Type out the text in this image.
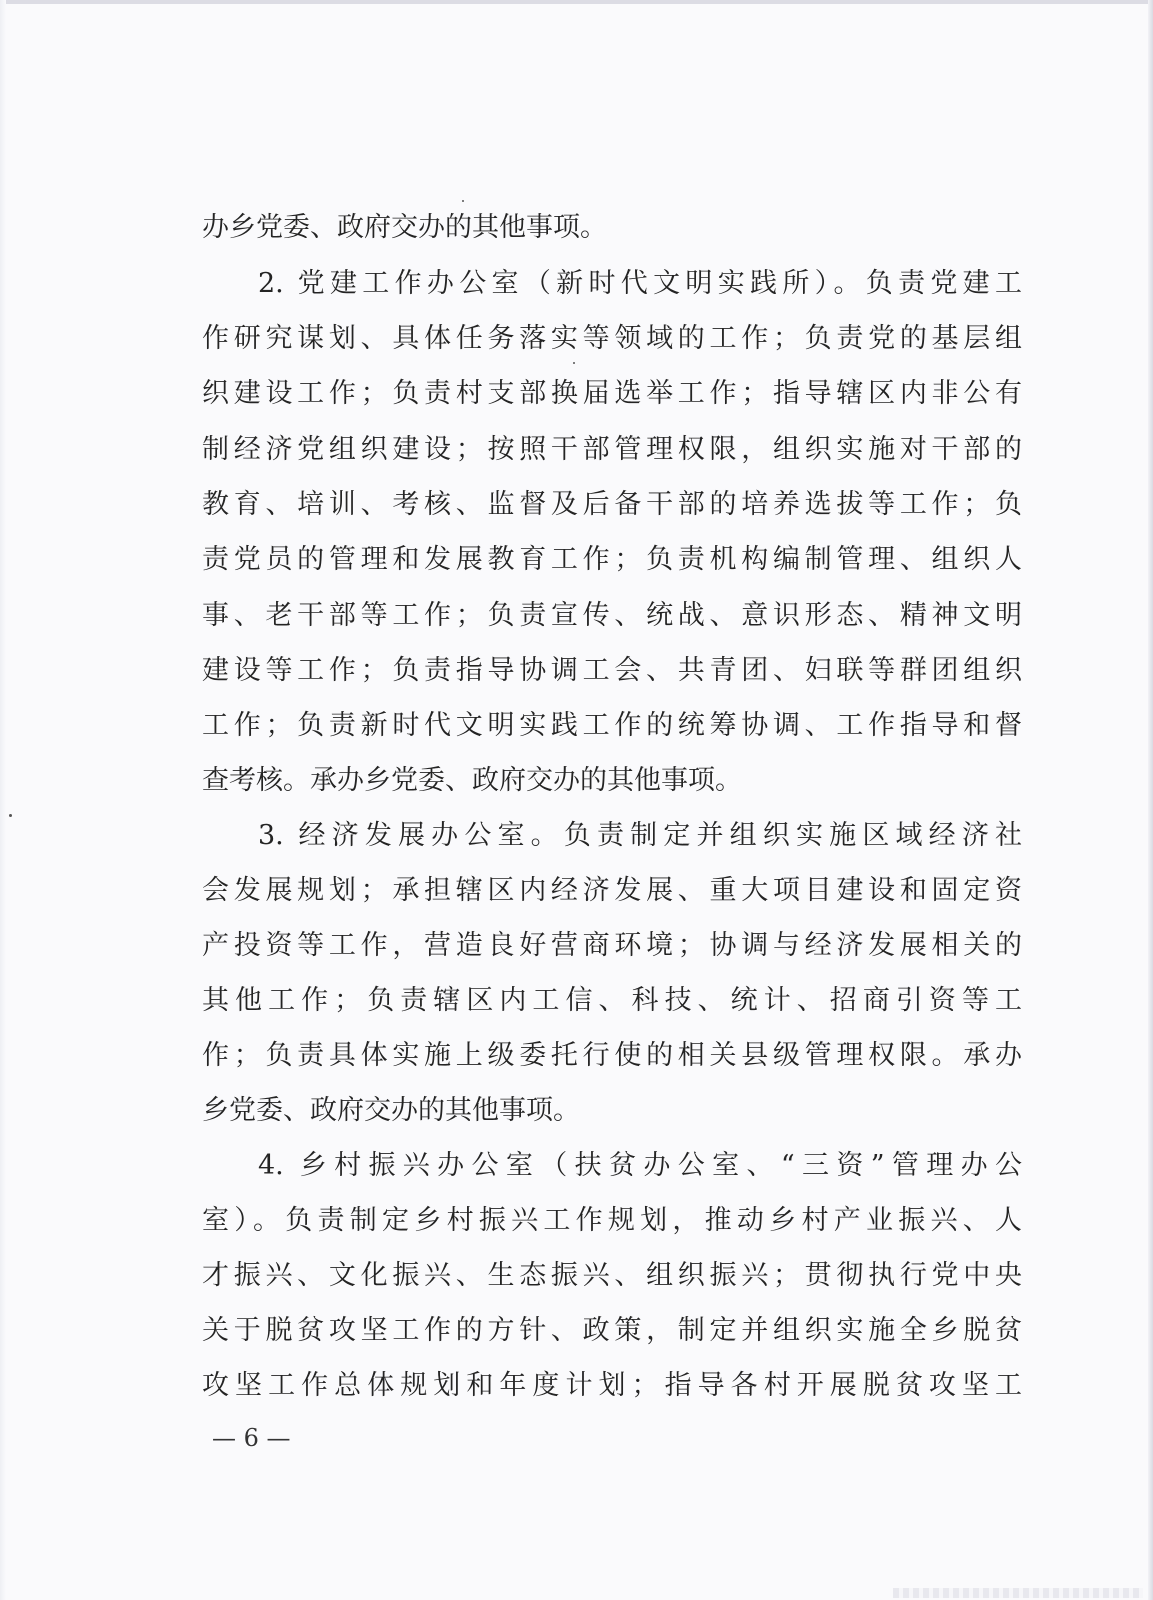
办乡党委、政府交办的其他事项。
2. 党建工作办公室（新时代文明实践所）。负责党建工
作研究谋划、具体任务落实等领域的工作；负责党的基层组
织建设工作；负责村支部换届选举工作；指导辖区内非公有
制经济党组织建设；按照干部管理权限，组织实施对干部的
教育、培训、考核、监督及后备干部的培养选拔等工作；负
责党员的管理和发展教育工作；负责机构编制管理、组织人
事、老干部等工作；负责宣传、统战、意识形态、精神文明
建设等工作；负责指导协调工会、共青团、妇联等群团组织
工作；负责新时代文明实践工作的统筹协调、工作指导和督
查考核。承办乡党委、政府交办的其他事项。
3. 经济发展办公室。负责制定并组织实施区域经济社
会发展规划；承担辖区内经济发展、重大项目建设和固定资
产投资等工作，营造良好营商环境；协调与经济发展相关的
其他工作；负责辖区内工信、科技、统计、招商引资等工
作；负责具体实施上级委托行使的相关县级管理权限。承办
乡党委、政府交办的其他事项。
4. 乡村振兴办公室（扶贫办公室、“三资”管理办公
室）。负责制定乡村振兴工作规划，推动乡村产业振兴、人
才振兴、文化振兴、生态振兴、组织振兴；贯彻执行党中央
关于脱贫攻坚工作的方针、政策，制定并组织实施全乡脱贫
攻坚工作总体规划和年度计划；指导各村开展脱贫攻坚工
— 6 —
